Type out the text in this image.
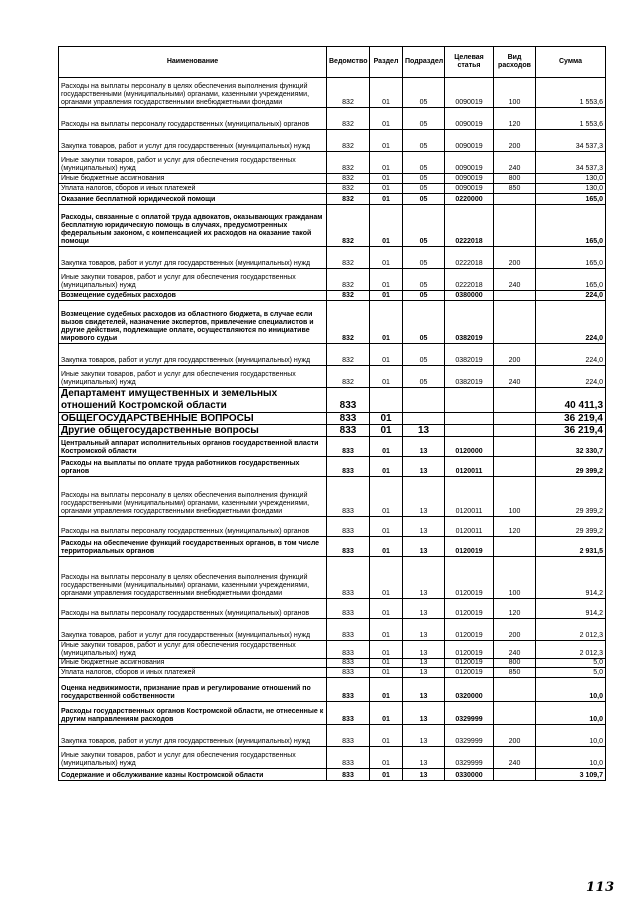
Наименование	Ведомство	Раздел	Подраздел	Целевая статья	Вид расходов	Сумма
Расходы на выплаты персоналу в целях обеспечения выполнения функций государственными (муниципальными) органами, казенными учреждениями, органами управления государственными внебюджетными фондами	832	01	05	0090019	100	1 553,6
Расходы на выплаты персоналу государственных (муниципальных) органов	832	01	05	0090019	120	1 553,6
Закупка товаров, работ и услуг для государственных (муниципальных) нужд	832	01	05	0090019	200	34 537,3
Иные закупки товаров, работ и услуг для обеспечения государственных (муниципальных) нужд	832	01	05	0090019	240	34 537,3
Иные бюджетные ассигнования	832	01	05	0090019	800	130,0
Уплата налогов, сборов и иных платежей	832	01	05	0090019	850	130,0
Оказание бесплатной юридической помощи	832	01	05	0220000		165,0
Расходы, связанные с оплатой труда адвокатов, оказывающих гражданам бесплатную юридическую помощь в случаях, предусмотренных федеральным законом, с компенсацией их расходов на оказание такой помощи	832	01	05	0222018		165,0
Закупка товаров, работ и услуг для государственных (муниципальных) нужд	832	01	05	0222018	200	165,0
Иные закупки товаров, работ и услуг для обеспечения государственных (муниципальных) нужд	832	01	05	0222018	240	165,0
Возмещение судебных расходов	832	01	05	0380000		224,0
Возмещение судебных расходов из областного бюджета, в случае если вызов свидетелей, назначение экспертов, привлечение специалистов и другие действия, подлежащие оплате, осуществляются по инициативе мирового судьи	832	01	05	0382019		224,0
Закупка товаров, работ и услуг для государственных (муниципальных) нужд	832	01	05	0382019	200	224,0
Иные закупки товаров, работ и услуг для обеспечения государственных (муниципальных) нужд	832	01	05	0382019	240	224,0
Департамент имущественных и земельных отношений Костромской области	833					40 411,3
ОБЩЕГОСУДАРСТВЕННЫЕ ВОПРОСЫ	833	01				36 219,4
Другие общегосударственные вопросы	833	01	13			36 219,4
Центральный аппарат исполнительных органов государственной власти Костромской области	833	01	13	0120000		32 330,7
Расходы на выплаты по оплате труда работников государственных органов	833	01	13	0120011		29 399,2
Расходы на выплаты персоналу в целях обеспечения выполнения функций государственными (муниципальными) органами, казенными учреждениями, органами управления государственными внебюджетными фондами	833	01	13	0120011	100	29 399,2
Расходы на выплаты персоналу государственных (муниципальных) органов	833	01	13	0120011	120	29 399,2
Расходы на обеспечение функций государственных органов, в том числе территориальных органов	833	01	13	0120019		2 931,5
Расходы на выплаты персоналу в целях обеспечения выполнения функций государственными (муниципальными) органами, казенными учреждениями, органами управления государственными внебюджетными фондами	833	01	13	0120019	100	914,2
Расходы на выплаты персоналу государственных (муниципальных) органов	833	01	13	0120019	120	914,2
Закупка товаров, работ и услуг для государственных (муниципальных) нужд	833	01	13	0120019	200	2 012,3
Иные закупки товаров, работ и услуг для обеспечения государственных (муниципальных) нужд	833	01	13	0120019	240	2 012,3
Иные бюджетные ассигнования	833	01	13	0120019	800	5,0
Уплата налогов, сборов и иных платежей	833	01	13	0120019	850	5,0
Оценка недвижимости, признание прав и регулирование отношений по государственной собственности	833	01	13	0320000		10,0
Расходы государственных органов Костромской области, не отнесенные к другим направлениям расходов	833	01	13	0329999		10,0
Закупка товаров, работ и услуг для государственных (муниципальных) нужд	833	01	13	0329999	200	10,0
Иные закупки товаров, работ и услуг для обеспечения государственных (муниципальных) нужд	833	01	13	0329999	240	10,0
Содержание и обслуживание казны Костромской области	833	01	13	0330000		3 109,7
113
